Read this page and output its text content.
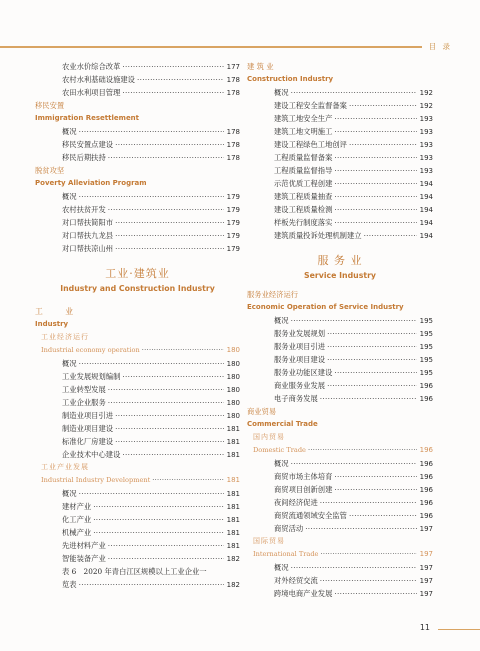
目 录
农业水价综合改革 ·····	177
农村水利基础设施建设 ·····	178
农田水利项目管理 ·····	178
移民安置
Immigration Resettlement
概况 ·····	178
移民安置点建设 ·····	178
移民后期扶持 ·····	178
脱贫攻坚
Poverty Alleviation Program
概况 ·····	179
农村扶贫开发 ·····	179
对口帮扶简阳市 ·····	179
对口帮扶九龙县 ·····	179
对口帮扶凉山州 ·····	179
工业·建筑业
Industry and Construction Industry
工 业
Industry
工业经济运行
Industrial economy operation ·····	180
概况 ·····	180
工业发展规划编制 ·····	180
工业转型发展 ·····	180
工业企业服务 ·····	180
制造业项目引进 ·····	180
制造业项目建设 ·····	181
标准化厂房建设 ·····	181
企业技术中心建设 ·····	181
工业产业发展
Industrial Industry Development ·····	181
概况 ·····	181
建材产业 ·····	181
化工产业 ·····	181
机械产业 ·····	181
先进材料产业 ·····	181
智能装备产业 ·····	182
表 6　2020 年青白江区规模以上工业企业一
览表 ·····	182
建 筑 业
Construction Industry
概况 ·····	192
建设工程安全监督备案 ·····	192
建筑工地安全生产 ·····	193
建筑工地文明施工 ·····	193
建设工程绿色工地创评 ·····	193
工程质量监督备案 ·····	193
工程质量监督指导 ·····	193
示范优质工程创建 ·····	194
建筑工程质量抽查 ·····	194
建设工程质量检测 ·····	194
样板先行制度落实 ·····	194
建筑质量投诉处理机制建立 ·····	194
服 务 业
Service Industry
服务业经济运行
Economic Operation of Service Industry
概况 ·····	195
服务业发展规划 ·····	195
服务业项目引进 ·····	195
服务业项目建设 ·····	195
服务业功能区建设 ·····	195
商业服务业发展 ·····	196
电子商务发展 ·····	196
商业贸易
Commercial Trade
国内贸易
Domestic Trade ·····	196
概况 ·····	196
商贸市场主体培育 ·····	196
商贸项目创新创建 ·····	196
夜间经济促进 ·····	196
商贸流通领域安全监管 ·····	196
商贸活动 ·····	197
国际贸易
International Trade ·····	197
概况 ·····	197
对外经贸交流 ·····	197
跨境电商产业发展 ·····	197
11
